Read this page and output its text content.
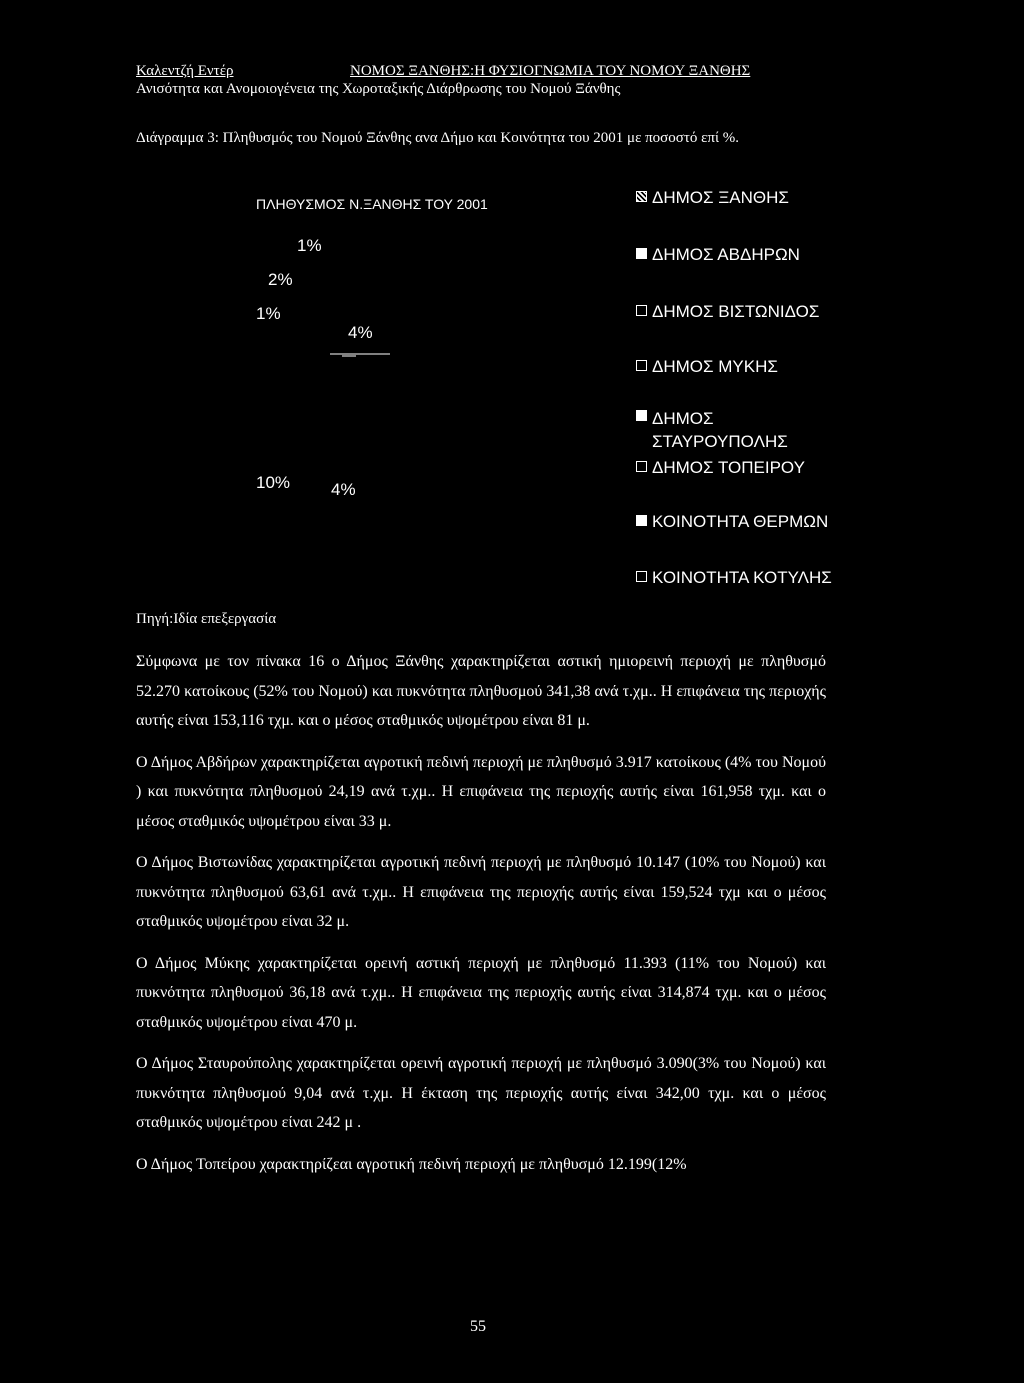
Καλεντζή Εντέρ	ΝΟΜΟΣ ΞΑΝΘΗΣ:Η ΦΥΣΙΟΓΝΩΜΙΑ ΤΟΥ ΝΟΜΟΥ ΞΑΝΘΗΣ
Ανισότητα και Ανομοιογένεια της Χωροταξικής Διάρθρωσης του Νομού Ξάνθης
Διάγραμμα 3: Πληθυσμός του Νομού Ξάνθης ανα Δήμο και Κοινότητα του 2001 με ποσοστό επί %.
ΠΛΗΘΥΣΜΟΣ Ν.ΞΑΝΘΗΣ ΤΟΥ 2001
1%
2%
1%
4%
10% 4%
ΔΗΜΟΣ ΞΑΝΘΗΣ
ΔΗΜΟΣ ΑΒΔΗΡΩΝ
ΔΗΜΟΣ ΒΙΣΤΩΝΙΔΟΣ
ΔΗΜΟΣ ΜΥΚΗΣ
ΔΗΜΟΣ ΣΤΑΥΡΟΥΠΟΛΗΣ
ΔΗΜΟΣ ΤΟΠΕΙΡΟΥ
ΚΟΙΝΟΤΗΤΑ ΘΕΡΜΩΝ
ΚΟΙΝΟΤΗΤΑ ΚΟΤΥΛΗΣ
Πηγή:Ιδία επεξεργασία

Σύμφωνα με τον πίνακα 16 ο Δήμος Ξάνθης χαρακτηρίζεται αστική ημιορεινή περιοχή με πληθυσμό 52.270 κατοίκους (52% του Νομού) και πυκνότητα πληθυσμού 341,38 ανά τ.χμ.. Η επιφάνεια της περιοχής αυτής είναι 153,116 τχμ. και ο μέσος σταθμικός υψομέτρου είναι 81 μ.

Ο Δήμος Αβδήρων χαρακτηρίζεται αγροτική πεδινή περιοχή με πληθυσμό 3.917 κατοίκους (4% του Νομού ) και πυκνότητα πληθυσμού 24,19 ανά τ.χμ.. Η επιφάνεια της περιοχής αυτής είναι 161,958 τχμ. και ο μέσος σταθμικός υψομέτρου είναι 33 μ.

Ο Δήμος Βιστωνίδας χαρακτηρίζεται αγροτική πεδινή περιοχή με πληθυσμό 10.147 (10% του Νομού) και πυκνότητα πληθυσμού 63,61 ανά τ.χμ.. Η επιφάνεια της περιοχής αυτής είναι 159,524 τχμ και ο μέσος σταθμικός υψομέτρου είναι 32 μ.

Ο Δήμος Μύκης χαρακτηρίζεται ορεινή αστική περιοχή με πληθυσμό 11.393 (11% του Νομού) και πυκνότητα πληθυσμού 36,18 ανά τ.χμ.. Η επιφάνεια της περιοχής αυτής είναι 314,874 τχμ. και ο μέσος σταθμικός υψομέτρου είναι 470 μ.

Ο Δήμος Σταυρούπολης χαρακτηρίζεται ορεινή αγροτική περιοχή με πληθυσμό 3.090(3% του Νομού) και πυκνότητα πληθυσμού 9,04 ανά τ.χμ. Η έκταση της περιοχής αυτής είναι 342,00 τχμ. και ο μέσος σταθμικός υψομέτρου είναι 242 μ .

Ο Δήμος Τοπείρου χαρακτηρίζεαι αγροτική πεδινή περιοχή με πληθυσμό 12.199(12%

55
